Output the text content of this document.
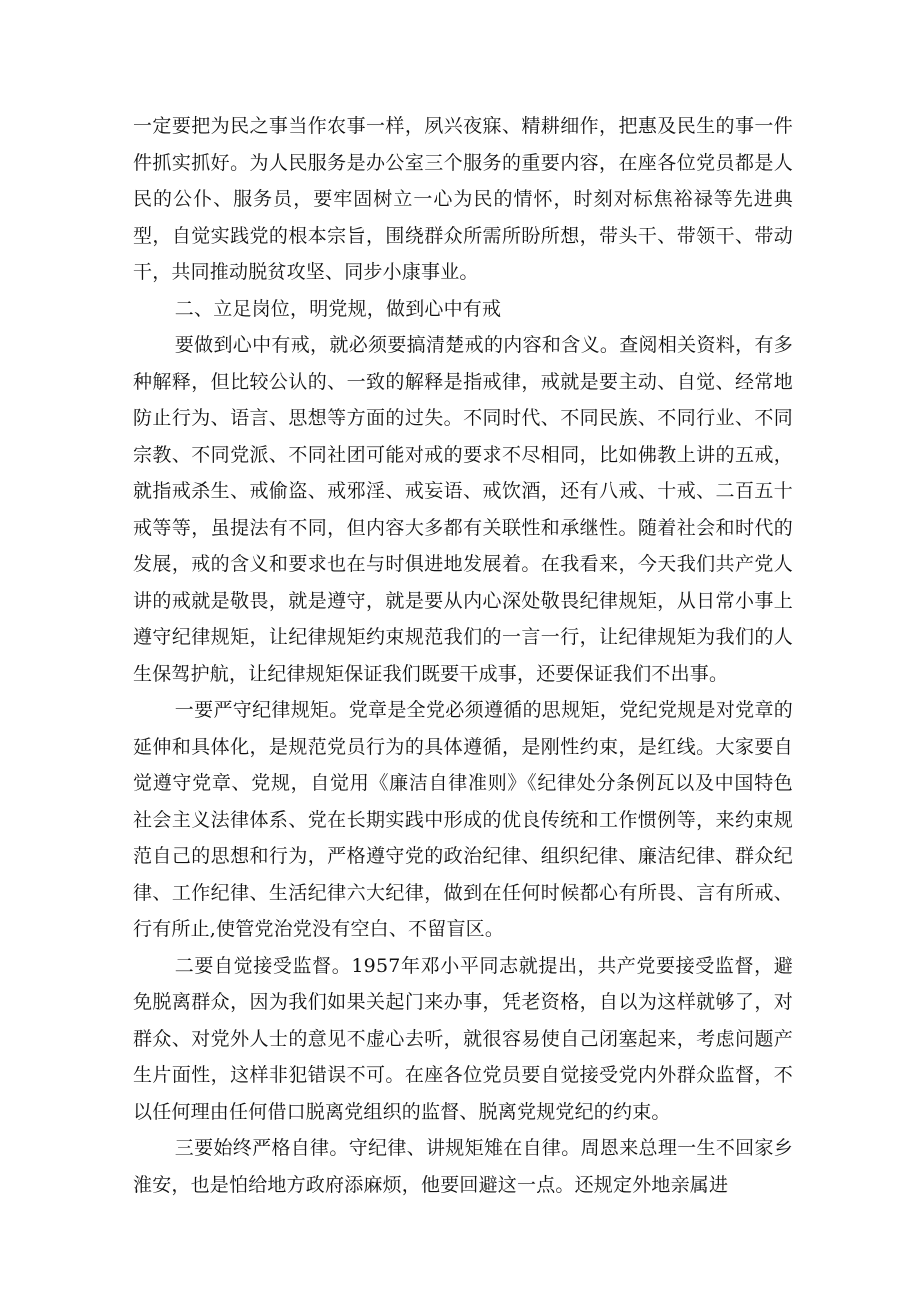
一定要把为民之事当作农事一样，夙兴夜寐、精耕细作，把惠及民生的事一件件抓实抓好。为人民服务是办公室三个服务的重要内容，在座各位党员都是人民的公仆、服务员，要牢固树立一心为民的情怀，时刻对标焦裕禄等先进典型，自觉实践党的根本宗旨，围绕群众所需所盼所想，带头干、带领干、带动干，共同推动脱贫攻坚、同步小康事业。

二、立足岗位，明党规，做到心中有戒

要做到心中有戒，就必须要搞清楚戒的内容和含义。查阅相关资料，有多种解释，但比较公认的、一致的解释是指戒律，戒就是要主动、自觉、经常地防止行为、语言、思想等方面的过失。不同时代、不同民族、不同行业、不同宗教、不同党派、不同社团可能对戒的要求不尽相同，比如佛教上讲的五戒，就指戒杀生、戒偷盗、戒邪淫、戒妄语、戒饮酒，还有八戒、十戒、二百五十戒等等，虽提法有不同，但内容大多都有关联性和承继性。随着社会和时代的发展，戒的含义和要求也在与时俱进地发展着。在我看来，今天我们共产党人讲的戒就是敬畏，就是遵守，就是要从内心深处敬畏纪律规矩，从日常小事上遵守纪律规矩，让纪律规矩约束规范我们的一言一行，让纪律规矩为我们的人生保驾护航，让纪律规矩保证我们既要干成事，还要保证我们不出事。

一要严守纪律规矩。党章是全党必须遵循的思规矩，党纪党规是对党章的延伸和具体化，是规范党员行为的具体遵循，是刚性约束，是红线。大家要自觉遵守党章、党规，自觉用《廉洁自律准则》《纪律处分条例瓦以及中国特色社会主义法律体系、党在长期实践中形成的优良传统和工作惯例等，来约束规范自己的思想和行为，严格遵守党的政治纪律、组织纪律、廉洁纪律、群众纪律、工作纪律、生活纪律六大纪律，做到在任何时候都心有所畏、言有所戒、行有所止,使管党治党没有空白、不留盲区。

二要自觉接受监督。1957年邓小平同志就提出，共产党要接受监督，避免脱离群众，因为我们如果关起门来办事，凭老资格，自以为这样就够了，对群众、对党外人士的意见不虚心去听，就很容易使自己闭塞起来，考虑问题产生片面性，这样非犯错误不可。在座各位党员要自觉接受党内外群众监督，不以任何理由任何借口脱离党组织的监督、脱离党规党纪的约束。

三要始终严格自律。守纪律、讲规矩雉在自律。周恩来总理一生不回家乡淮安，也是怕给地方政府添麻烦，他要回避这一点。还规定外地亲属进
